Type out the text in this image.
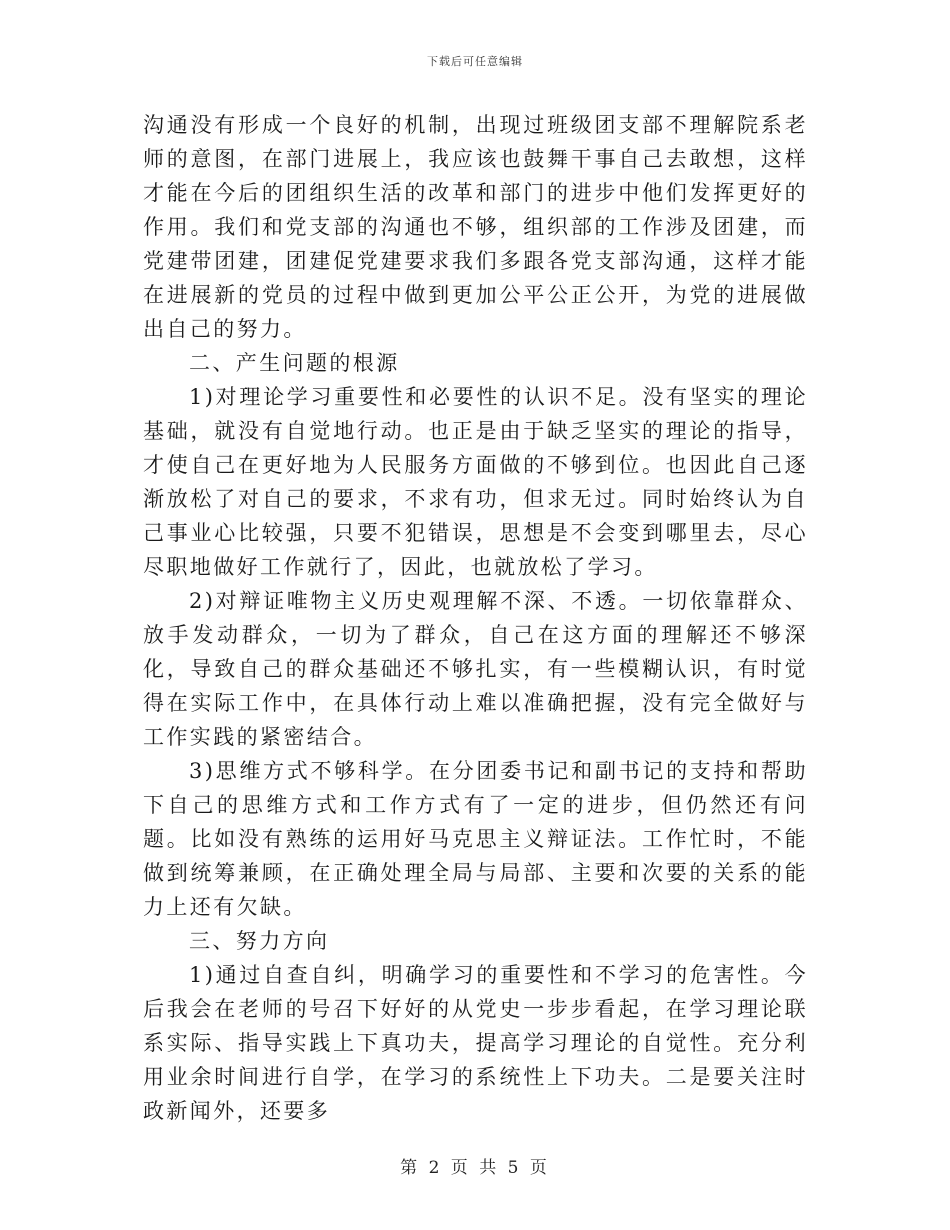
下载后可任意编辑

沟通没有形成一个良好的机制，出现过班级团支部不理解院系老师的意图，在部门进展上，我应该也鼓舞干事自己去敢想，这样才能在今后的团组织生活的改革和部门的进步中他们发挥更好的作用。我们和党支部的沟通也不够，组织部的工作涉及团建，而党建带团建，团建促党建要求我们多跟各党支部沟通，这样才能在进展新的党员的过程中做到更加公平公正公开，为党的进展做出自己的努力。

二、产生问题的根源

1)对理论学习重要性和必要性的认识不足。没有坚实的理论基础，就没有自觉地行动。也正是由于缺乏坚实的理论的指导，才使自己在更好地为人民服务方面做的不够到位。也因此自己逐渐放松了对自己的要求，不求有功，但求无过。同时始终认为自己事业心比较强，只要不犯错误，思想是不会变到哪里去，尽心尽职地做好工作就行了，因此，也就放松了学习。

2)对辩证唯物主义历史观理解不深、不透。一切依靠群众、放手发动群众，一切为了群众，自己在这方面的理解还不够深化，导致自己的群众基础还不够扎实，有一些模糊认识，有时觉得在实际工作中，在具体行动上难以准确把握，没有完全做好与工作实践的紧密结合。

3)思维方式不够科学。在分团委书记和副书记的支持和帮助下自己的思维方式和工作方式有了一定的进步，但仍然还有问题。比如没有熟练的运用好马克思主义辩证法。工作忙时，不能做到统筹兼顾，在正确处理全局与局部、主要和次要的关系的能力上还有欠缺。

三、努力方向

1)通过自查自纠，明确学习的重要性和不学习的危害性。今后我会在老师的号召下好好的从党史一步步看起，在学习理论联系实际、指导实践上下真功夫，提高学习理论的自觉性。充分利用业余时间进行自学，在学习的系统性上下功夫。二是要关注时政新闻外，还要多

第 2 页 共 5 页
